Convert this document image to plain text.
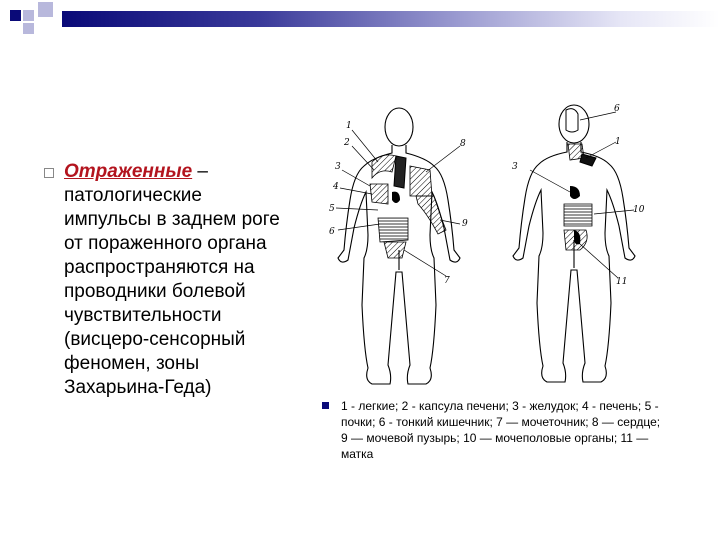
Отраженные – патологические импульсы в заднем роге от пораженного органа распространяются на проводники болевой чувствительности (висцеро-сенсорный феномен, зоны Захарьина-Геда)
1
2
3
4
5
6
7
8
9
6
1
3
10
11
1 - легкие; 2 - капсула печени; 3 - желудок; 4 - печень; 5 - почки; 6 - тонкий кишечник; 7 — мочеточник; 8 — сердце; 9 — мочевой пузырь; 10 — мочеполовые органы; 11 — матка
